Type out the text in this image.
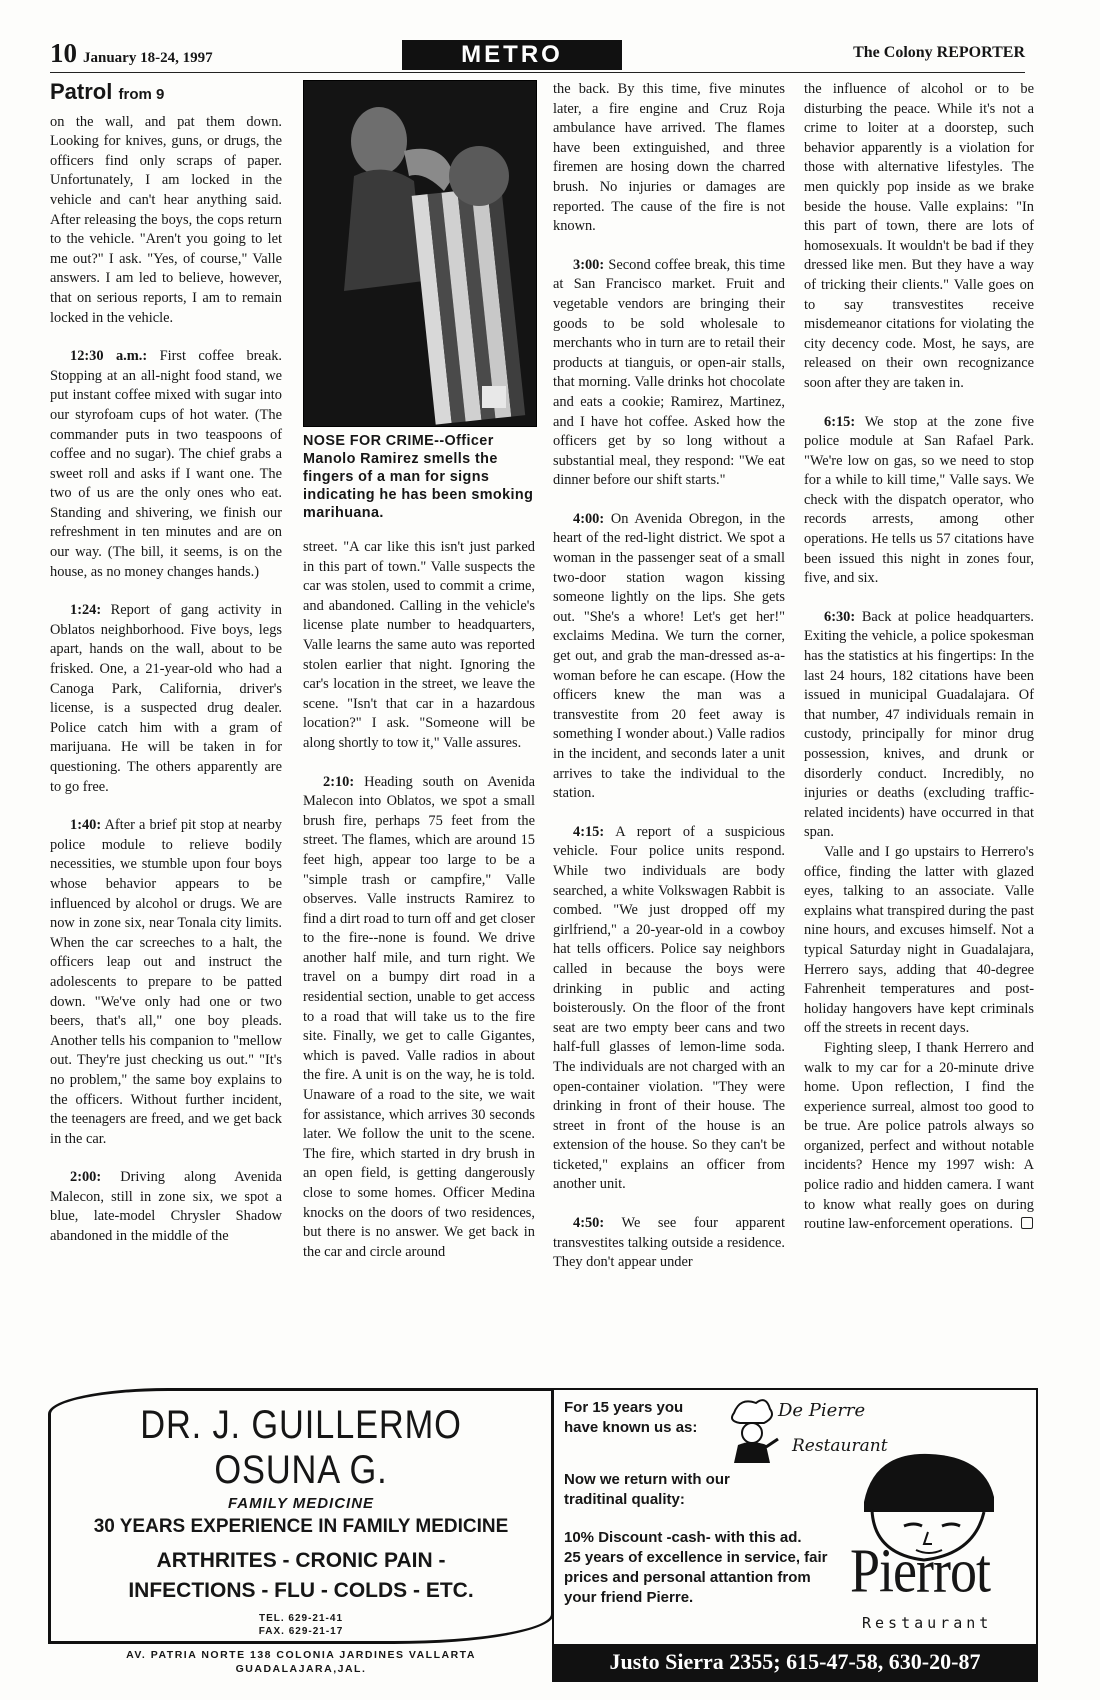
10 January 18-24, 1997	METRO	The Colony REPORTER
Patrol from 9

on the wall, and pat them down. Looking for knives, guns, or drugs, the officers find only scraps of paper. Unfortunately, I am locked in the vehicle and can't hear anything said. After releasing the boys, the cops return to the vehicle. "Aren't you going to let me out?" I ask. "Yes, of course," Valle answers. I am led to believe, however, that on serious reports, I am to remain locked in the vehicle.

12:30 a.m.: First coffee break. Stopping at an all-night food stand, we put instant coffee mixed with sugar into our styrofoam cups of hot water. (The commander puts in two teaspoons of coffee and no sugar). The chief grabs a sweet roll and asks if I want one. The two of us are the only ones who eat. Standing and shivering, we finish our refreshment in ten minutes and are on our way. (The bill, it seems, is on the house, as no money changes hands.)

1:24: Report of gang activity in Oblatos neighborhood. Five boys, legs apart, hands on the wall, about to be frisked. One, a 21-year-old who had a Canoga Park, California, driver's license, is a suspected drug dealer. Police catch him with a gram of marijuana. He will be taken in for questioning. The others apparently are to go free.

1:40: After a brief pit stop at nearby police module to relieve bodily necessities, we stumble upon four boys whose behavior appears to be influenced by alcohol or drugs. We are now in zone six, near Tonala city limits. When the car screeches to a halt, the officers leap out and instruct the adolescents to prepare to be patted down. "We've only had one or two beers, that's all," one boy pleads. Another tells his companion to "mellow out. They're just checking us out." "It's no problem," the same boy explains to the officers. Without further incident, the teenagers are freed, and we get back in the car.

2:00: Driving along Avenida Malecon, still in zone six, we spot a blue, late-model Chrysler Shadow abandoned in the middle of the

NOSE FOR CRIME--Officer Manolo Ramirez smells the fingers of a man for signs indicating he has been smoking marihuana.

street. "A car like this isn't just parked in this part of town." Valle suspects the car was stolen, used to commit a crime, and abandoned. Calling in the vehicle's license plate number to headquarters, Valle learns the same auto was reported stolen earlier that night. Ignoring the car's location in the street, we leave the scene. "Isn't that car in a hazardous location?" I ask. "Someone will be along shortly to tow it," Valle assures.

2:10: Heading south on Avenida Malecon into Oblatos, we spot a small brush fire, perhaps 75 feet from the street. The flames, which are around 15 feet high, appear too large to be a "simple trash or campfire," Valle observes. Valle instructs Ramirez to find a dirt road to turn off and get closer to the fire--none is found. We drive another half mile, and turn right. We travel on a bumpy dirt road in a residential section, unable to get access to a road that will take us to the fire site. Finally, we get to calle Gigantes, which is paved. Valle radios in about the fire. A unit is on the way, he is told. Unaware of a road to the site, we wait for assistance, which arrives 30 seconds later. We follow the unit to the scene. The fire, which started in dry brush in an open field, is getting dangerously close to some homes. Officer Medina knocks on the doors of two residences, but there is no answer. We get back in the car and circle around

the back. By this time, five minutes later, a fire engine and Cruz Roja ambulance have arrived. The flames have been extinguished, and three firemen are hosing down the charred brush. No injuries or damages are reported. The cause of the fire is not known.

3:00: Second coffee break, this time at San Francisco market. Fruit and vegetable vendors are bringing their goods to be sold wholesale to merchants who in turn are to retail their products at tianguis, or open-air stalls, that morning. Valle drinks hot chocolate and eats a cookie; Ramirez, Martinez, and I have hot coffee. Asked how the officers get by so long without a substantial meal, they respond: "We eat dinner before our shift starts."

4:00: On Avenida Obregon, in the heart of the red-light district. We spot a woman in the passenger seat of a small two-door station wagon kissing someone lightly on the lips. She gets out. "She's a whore! Let's get her!" exclaims Medina. We turn the corner, get out, and grab the man-dressed as-a-woman before he can escape. (How the officers knew the man was a transvestite from 20 feet away is something I wonder about.) Valle radios in the incident, and seconds later a unit arrives to take the individual to the station.

4:15: A report of a suspicious vehicle. Four police units respond. While two individuals are body searched, a white Volkswagen Rabbit is combed. "We just dropped off my girlfriend," a 20-year-old in a cowboy hat tells officers. Police say neighbors called in because the boys were drinking in public and acting boisterously. On the floor of the front seat are two empty beer cans and two half-full glasses of lemon-lime soda. The individuals are not charged with an open-container violation. "They were drinking in front of their house. The street in front of the house is an extension of the house. So they can't be ticketed," explains an officer from another unit.

4:50: We see four apparent transvestites talking outside a residence. They don't appear under

the influence of alcohol or to be disturbing the peace. While it's not a crime to loiter at a doorstep, such behavior apparently is a violation for those with alternative lifestyles. The men quickly pop inside as we brake beside the house. Valle explains: "In this part of town, there are lots of homosexuals. It wouldn't be bad if they dressed like men. But they have a way of tricking their clients." Valle goes on to say transvestites receive misdemeanor citations for violating the city decency code. Most, he says, are released on their own recognizance soon after they are taken in.

6:15: We stop at the zone five police module at San Rafael Park. "We're low on gas, so we need to stop for a while to kill time," Valle says. We check with the dispatch operator, who records arrests, among other operations. He tells us 57 citations have been issued this night in zones four, five, and six.

6:30: Back at police headquarters. Exiting the vehicle, a police spokesman has the statistics at his fingertips: In the last 24 hours, 182 citations have been issued in municipal Guadalajara. Of that number, 47 individuals remain in custody, principally for minor drug possession, knives, and drunk or disorderly conduct. Incredibly, no injuries or deaths (excluding traffic-related incidents) have occurred in that span.

Valle and I go upstairs to Herrero's office, finding the latter with glazed eyes, talking to an associate. Valle explains what transpired during the past nine hours, and excuses himself. Not a typical Saturday night in Guadalajara, Herrero says, adding that 40-degree Fahrenheit temperatures and post-holiday hangovers have kept criminals off the streets in recent days.

Fighting sleep, I thank Herrero and walk to my car for a 20-minute drive home. Upon reflection, I find the experience surreal, almost too good to be true. Are police patrols always so organized, perfect and without notable incidents? Hence my 1997 wish: A police radio and hidden camera. I want to know what really goes on during routine law-enforcement operations.

DR. J. GUILLERMO OSUNA G.
FAMILY MEDICINE
30 YEARS EXPERIENCE IN FAMILY MEDICINE
ARTHRITES - CRONIC PAIN -
INFECTIONS - FLU - COLDS - ETC.
TEL. 629-21-41
FAX. 629-21-17
AV. PATRIA NORTE 138 COLONIA JARDINES VALLARTA
GUADALAJARA,JAL.
For 15 years you have known us as:
De Pierre
Restaurant
Now we return with our traditinal quality:
10% Discount -cash- with this ad.
25 years of excellence in service, fair prices and personal attantion from your friend Pierre.	Pierrot
Restaurant
Justo Sierra 2355; 615-47-58, 630-20-87
